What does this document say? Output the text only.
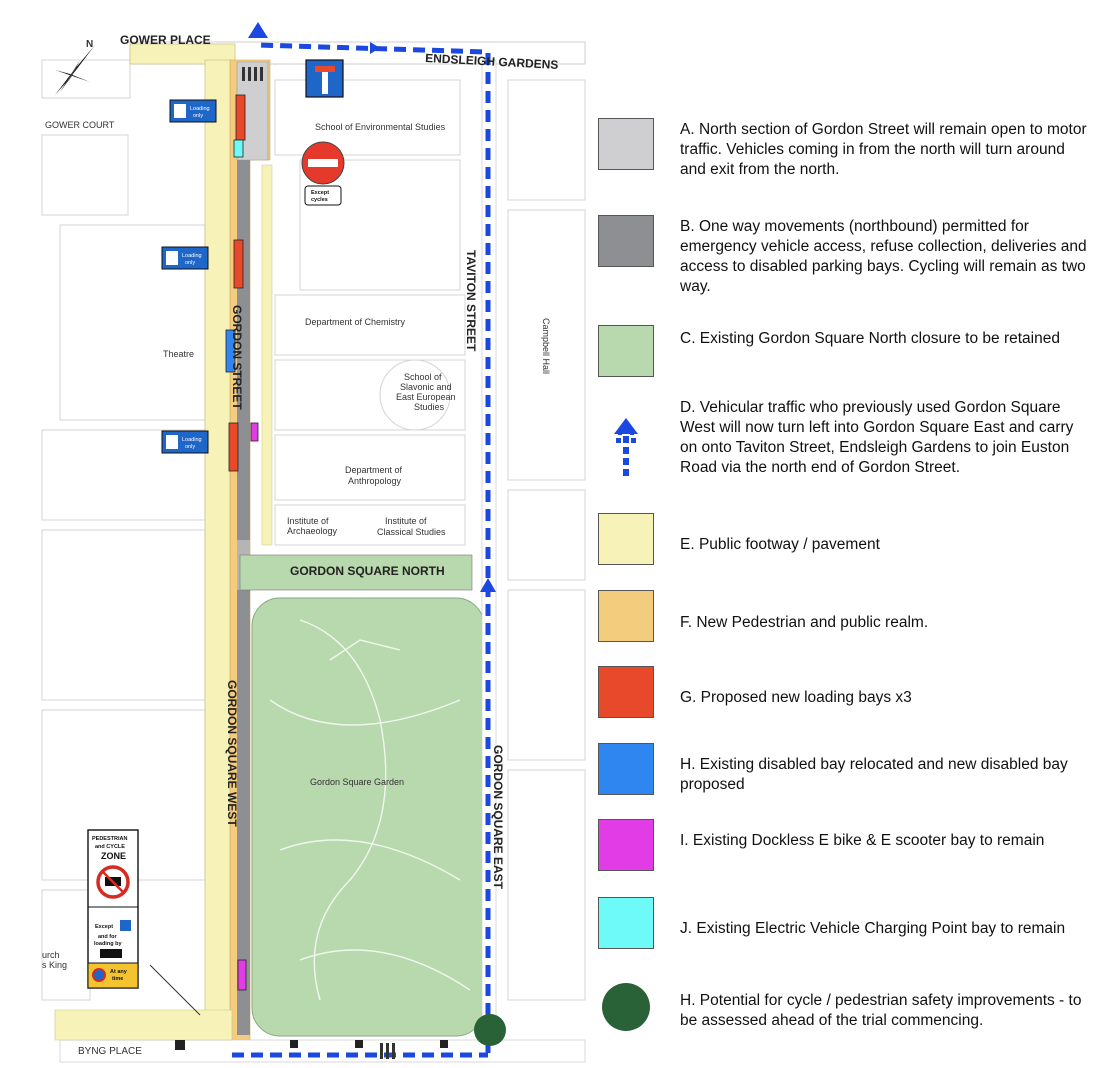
GOWER PLACE
ENDSLEIGH GARDENS
GOWER COURT
GORDON STREET
TAVITON STREET
GORDON SQUARE NORTH
GORDON SQUARE WEST	GORDON SQUARE EAST
BYNG PLACE
School of Environmental Studies
Department of Chemistry
Theatre	Campbell Hall
School of
Slavonic and
East European
Studies
Department of
Anthropology
Institute of
Archaeology
Institute of
Classical Studies
Gordon Square Garden
urch
s King
N
Loading
only
Loading
only
Loading
only
Except
cycles
PEDESTRIAN
and CYCLE
ZONE
Except
and for
loading by
At any
time
A. North section of Gordon Street will remain open to motor traffic. Vehicles coming in from the north will turn around and exit from the north.
B. One way movements (northbound) permitted for emergency vehicle access, refuse collection, deliveries and access to disabled parking bays. Cycling will remain as two way.
C. Existing Gordon Square North closure to be retained
D. Vehicular traffic who previously used Gordon Square West will now turn left into Gordon Square East and carry on onto Taviton Street, Endsleigh Gardens to join Euston Road via the north end of Gordon Street.
E. Public footway / pavement
F. New Pedestrian and public realm.
G. Proposed new loading bays x3
H. Existing disabled bay relocated and new disabled bay proposed
I. Existing Dockless E bike & E scooter bay to remain
J. Existing Electric Vehicle Charging Point bay to remain
H. Potential for cycle / pedestrian safety improvements - to be assessed ahead of the trial commencing.
